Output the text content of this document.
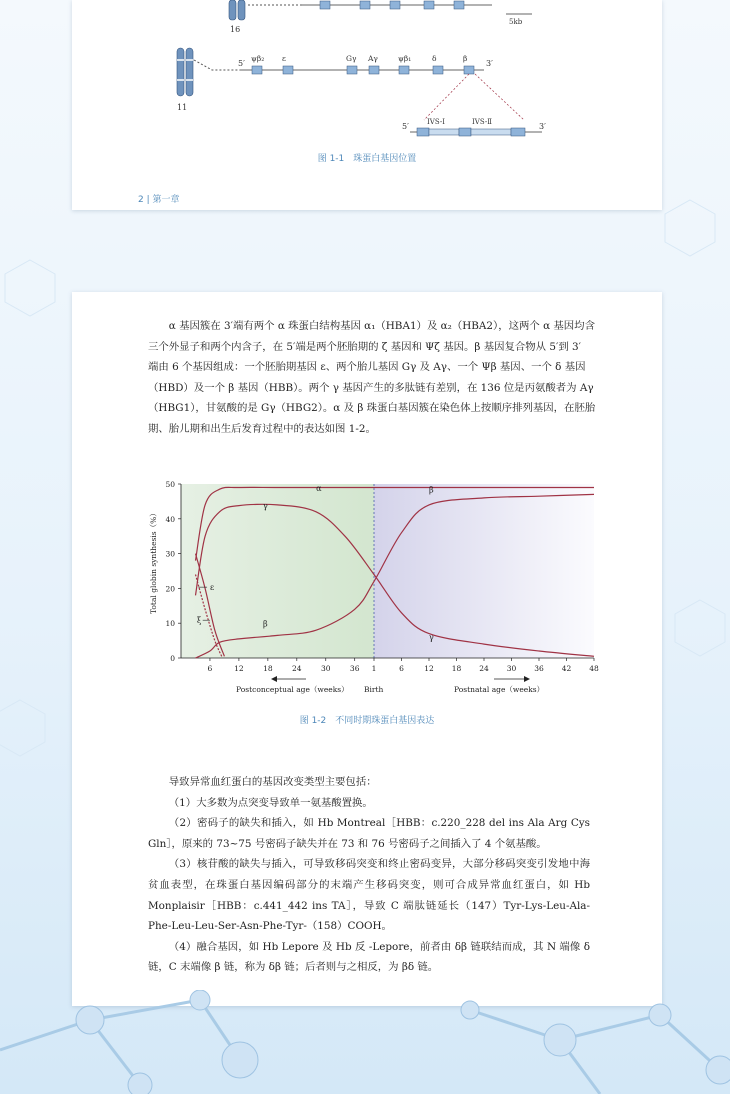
16
5kb
11
5′	3′
ψβ₂ ε	Gγ Aγ	ψβ₁	δ	β
5′	3′
IVS-Ⅰ	IVS-Ⅱ
图 1-1　珠蛋白基因位置
2 | 第一章
α 基因簇在 3′端有两个 α 珠蛋白结构基因 α₁（HBA1）及 α₂（HBA2），这两个 α 基因均含
三个外显子和两个内含子，在 5′端是两个胚胎期的 ζ 基因和 Ψζ 基因。β 基因复合物从 5′到 3′
端由 6 个基因组成：一个胚胎期基因 ε、两个胎儿基因 Gγ 及 Aγ、一个 Ψβ 基因、一个 δ 基因
（HBD）及一个 β 基因（HBB）。两个 γ 基因产生的多肽链有差别，在 136 位是丙氨酸者为 Aγ
（HBG1），甘氨酸的是 Gγ（HBG2）。α 及 β 珠蛋白基因簇在染色体上按顺序排列基因，在胚胎
期、胎儿期和出生后发育过程中的表达如图 1-2。
0
10
20
30
40
50
6	12	18	24	30	36 1	6	12 18 24 30 36 42 48
α
γ
β
ε
ξ
β
γ
Total globin synthesis（%）
Postconceptual age（weeks） Birth	Postnatal age（weeks）
图 1-2　不同时期珠蛋白基因表达

导致异常血红蛋白的基因改变类型主要包括：

（1）大多数为点突变导致单一氨基酸置换。

（2）密码子的缺失和插入，如 Hb Montreal［HBB：c.220_228 del ins Ala Arg Cys Gln］，原来的 73~75 号密码子缺失并在 73 和 76 号密码子之间插入了 4 个氨基酸。

（3）核苷酸的缺失与插入，可导致移码突变和终止密码变异，大部分移码突变引发地中海贫血表型，在珠蛋白基因编码部分的末端产生移码突变，则可合成异常血红蛋白，如 Hb Monplaisir［HBB：c.441_442 ins TA］，导致 C 端肽链延长（147）Tyr-Lys-Leu-Ala-Phe-Leu-Leu-Ser-Asn-Phe-Tyr-（158）COOH。

（4）融合基因，如 Hb Lepore 及 Hb 反 -Lepore，前者由 δβ 链联结而成，其 N 端像 δ 链，C 末端像 β 链，称为 δβ 链；后者则与之相反，为 βδ 链。
